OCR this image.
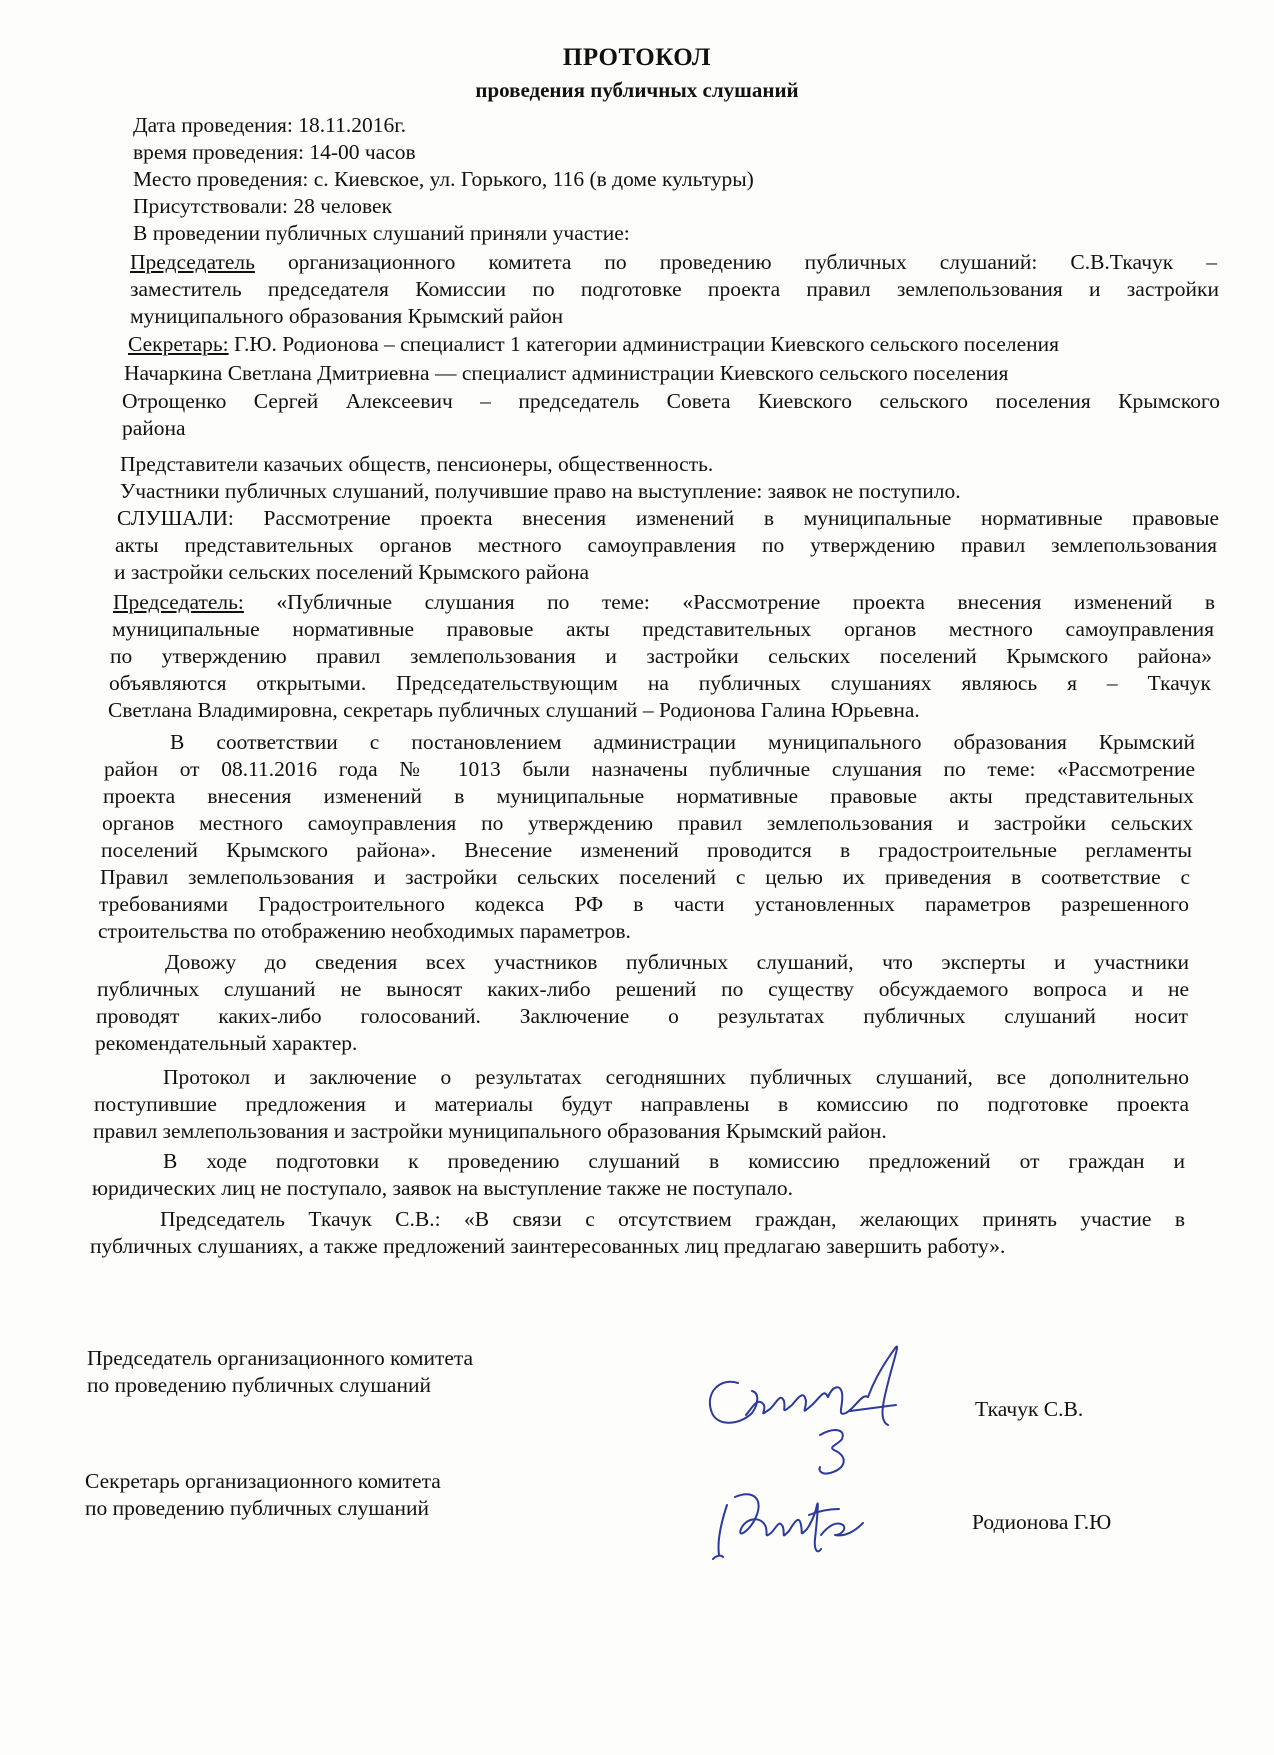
ПРОТОКОЛ
проведения публичных слушаний
Дата проведения: 18.11.2016г.
время проведения: 14-00 часов
Место проведения: с. Киевское, ул. Горького, 116 (в доме культуры)
Присутствовали: 28 человек
В проведении публичных слушаний приняли участие:
Председатель организационного комитета по проведению публичных слушаний: С.В.Ткачук –
заместитель председателя Комиссии по подготовке проекта правил землепользования и застройки
муниципального образования Крымский район
Секретарь: Г.Ю. Родионова – специалист 1 категории администрации Киевского сельского поселения
Начаркина Светлана Дмитриевна –– специалист администрации Киевского сельского поселения
Отрощенко Сергей Алексеевич – председатель Совета Киевского сельского поселения Крымского
района
Представители казачьих обществ, пенсионеры, общественность.
Участники публичных слушаний, получившие право на выступление: заявок не поступило.
СЛУШАЛИ: Рассмотрение проекта внесения изменений в муниципальные нормативные правовые
акты представительных органов местного самоуправления по утверждению правил землепользования
и застройки сельских поселений Крымского района
Председатель: «Публичные слушания по теме: «Рассмотрение проекта внесения изменений в
муниципальные нормативные правовые акты представительных органов местного самоуправления
по утверждению правил землепользования и застройки сельских поселений Крымского района»
объявляются открытыми. Председательствующим на публичных слушаниях являюсь я – Ткачук
Светлана Владимировна, секретарь публичных слушаний – Родионова Галина Юрьевна.
В соответствии с постановлением администрации муниципального образования Крымский
район от 08.11.2016 года № 1013 были назначены публичные слушания по теме: «Рассмотрение
проекта внесения изменений в муниципальные нормативные правовые акты представительных
органов местного самоуправления по утверждению правил землепользования и застройки сельских
поселений Крымского района». Внесение изменений проводится в градостроительные регламенты
Правил землепользования и застройки сельских поселений с целью их приведения в соответствие с
требованиями Градостроительного кодекса РФ в части установленных параметров разрешенного
строительства по отображению необходимых параметров.
Довожу до сведения всех участников публичных слушаний, что эксперты и участники
публичных слушаний не выносят каких-либо решений по существу обсуждаемого вопроса и не
проводят каких-либо голосований. Заключение о результатах публичных слушаний носит
рекомендательный характер.
Протокол и заключение о результатах сегодняшних публичных слушаний, все дополнительно
поступившие предложения и материалы будут направлены в комиссию по подготовке проекта
правил землепользования и застройки муниципального образования Крымский район.
В ходе подготовки к проведению слушаний в комиссию предложений от граждан и
юридических лиц не поступало, заявок на выступление также не поступало.
Председатель Ткачук С.В.: «В связи с отсутствием граждан, желающих принять участие в
публичных слушаниях, а также предложений заинтересованных лиц предлагаю завершить работу».
Председатель организационного комитета
по проведению публичных слушаний
Ткачук С.В.
Секретарь организационного комитета
по проведению публичных слушаний
Родионова Г.Ю
